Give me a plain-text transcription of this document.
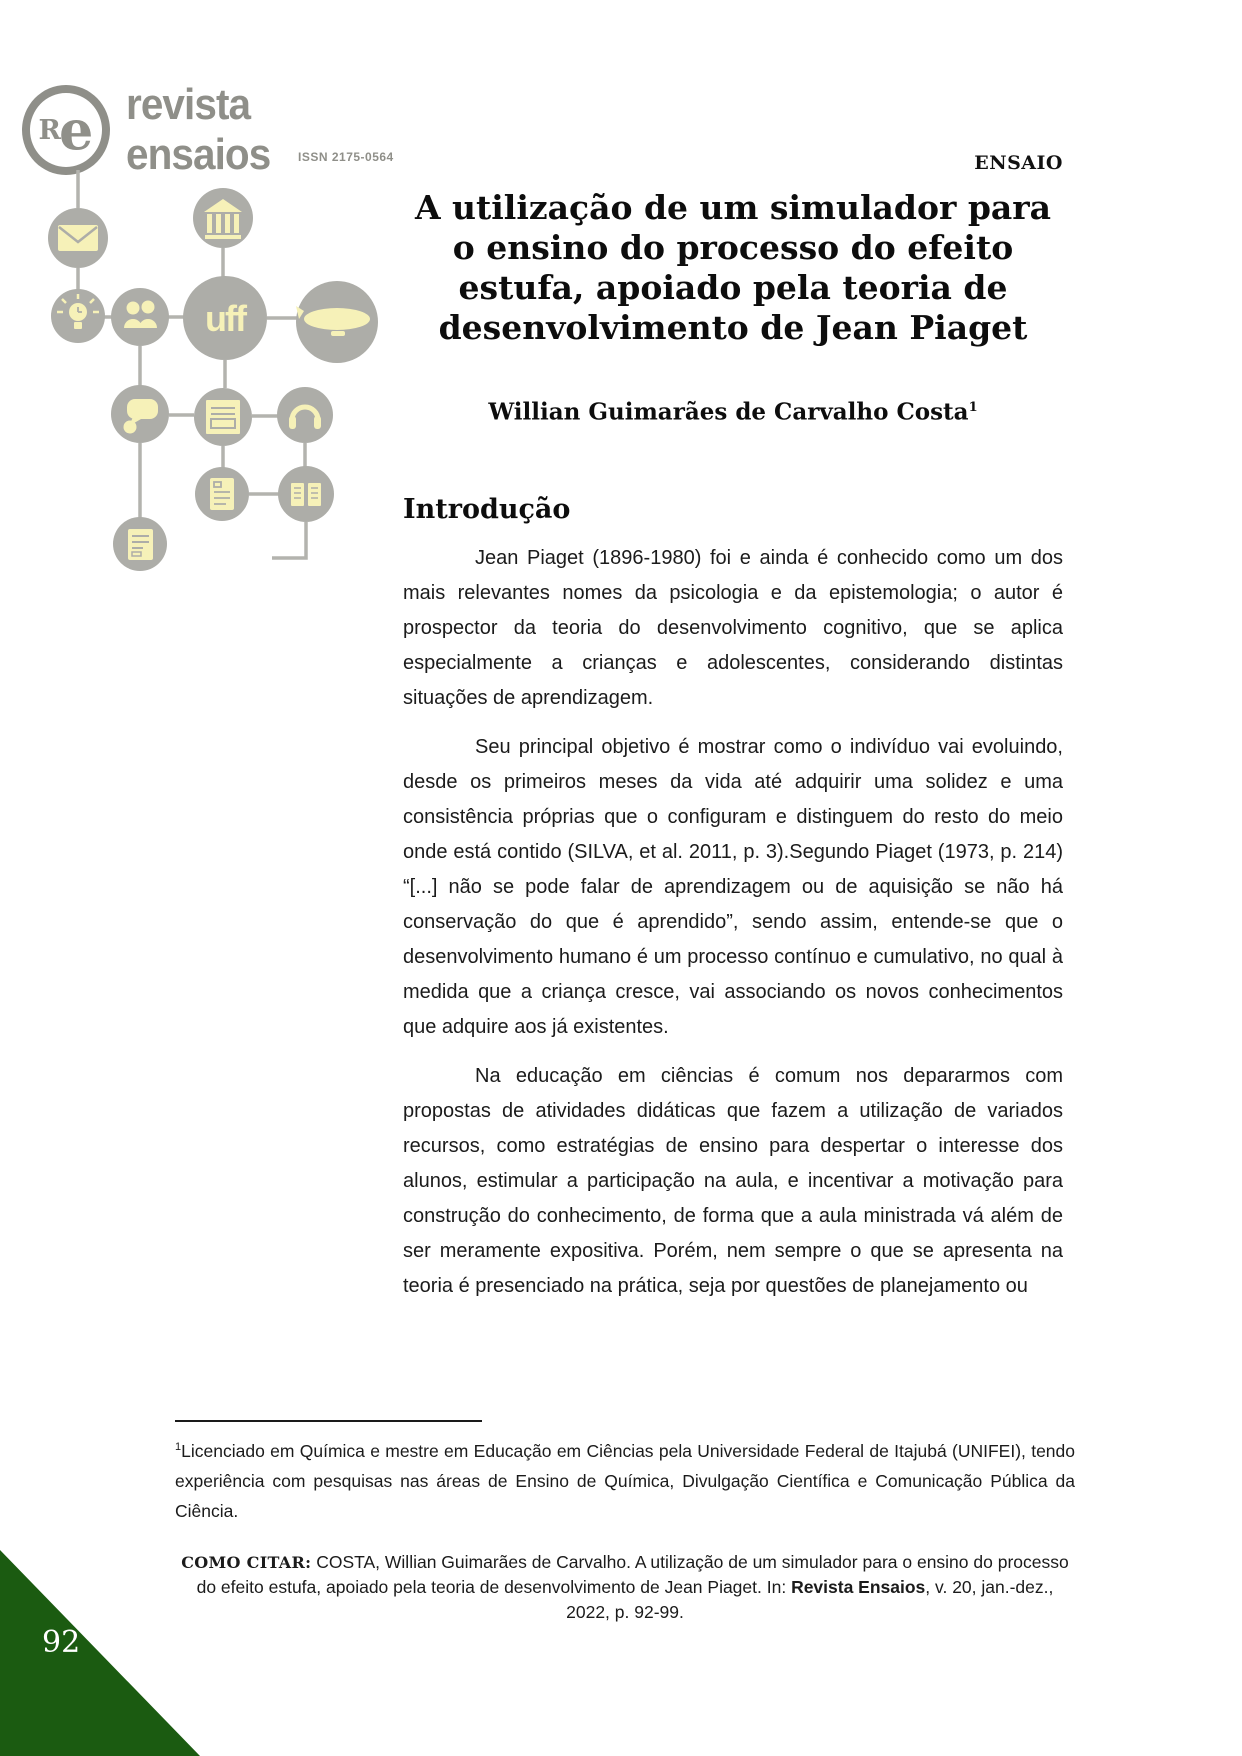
R
e revista ensaios	ISSN 2175-0564
uff
ENSAIO
A utilização de um simulador para o ensino do processo do efeito estufa, apoiado pela teoria de desenvolvimento de Jean Piaget
Willian Guimarães de Carvalho Costa$^1$
Introdução

Jean Piaget (1896-1980) foi e ainda é conhecido como um dos mais relevantes nomes da psicologia e da epistemologia; o autor é prospector da teoria do desenvolvimento cognitivo, que se aplica especialmente a crianças e adolescentes, considerando distintas situações de aprendizagem.

Seu principal objetivo é mostrar como o indivíduo vai evoluindo, desde os primeiros meses da vida até adquirir uma solidez e uma consistência próprias que o configuram e distinguem do resto do meio onde está contido (SILVA, et al. 2011, p. 3).Segundo Piaget (1973, p. 214) “[...] não se pode falar de aprendizagem ou de aquisição se não há conservação do que é aprendido”, sendo assim, entende-se que o desenvolvimento humano é um processo contínuo e cumulativo, no qual à medida que a criança cresce, vai associando os novos conhecimentos que adquire aos já existentes.

Na educação em ciências é comum nos depararmos com propostas de atividades didáticas que fazem a utilização de variados recursos, como estratégias de ensino para despertar o interesse dos alunos, estimular a participação na aula, e incentivar a motivação para construção do conhecimento, de forma que a aula ministrada vá além de ser meramente expositiva. Porém, nem sempre o que se apresenta na teoria é presenciado na prática, seja por questões de planejamento ou

$^1$Licenciado em Química e mestre em Educação em Ciências pela Universidade Federal de Itajubá (UNIFEI), tendo experiência com pesquisas nas áreas de Ensino de Química, Divulgação Científica e Comunicação Pública da Ciência.

COMO CITAR: COSTA, Willian Guimarães de Carvalho. A utilização de um simulador para o ensino do processo do efeito estufa, apoiado pela teoria de desenvolvimento de Jean Piaget. In: Revista Ensaios, v. 20, jan.-dez., 2022, p. 92-99.

92
